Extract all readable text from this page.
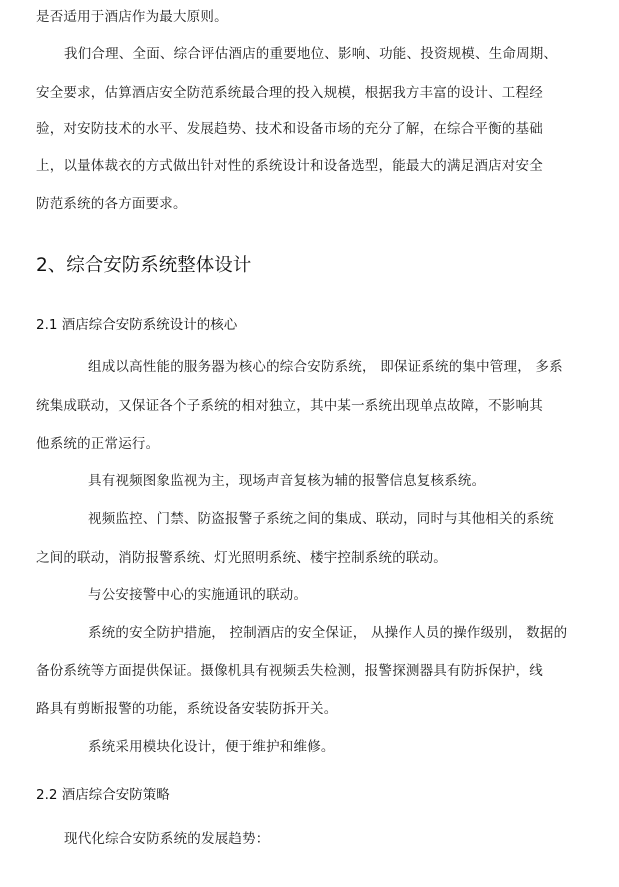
是否适用于酒店作为最大原则。
我们合理、全面、综合评估酒店的重要地位、影响、功能、投资规模、生命周期、
安全要求，估算酒店安全防范系统最合理的投入规模，根据我方丰富的设计、工程经
验，对安防技术的水平、发展趋势、技术和设备市场的充分了解，在综合平衡的基础
上，以量体裁衣的方式做出针对性的系统设计和设备选型，能最大的满足酒店对安全
防范系统的各方面要求。
2、综合安防系统整体设计
2.1 酒店综合安防系统设计的核心
组成以高性能的服务器为核心的综合安防系统， 即保证系统的集中管理， 多系
统集成联动，又保证各个子系统的相对独立，其中某一系统出现单点故障，不影响其
他系统的正常运行。
具有视频图象监视为主，现场声音复核为辅的报警信息复核系统。
视频监控、门禁、防盗报警子系统之间的集成、联动，同时与其他相关的系统
之间的联动，消防报警系统、灯光照明系统、楼宇控制系统的联动。
与公安接警中心的实施通讯的联动。
系统的安全防护措施， 控制酒店的安全保证， 从操作人员的操作级别， 数据的
备份系统等方面提供保证。摄像机具有视频丢失检测，报警探测器具有防拆保护，线
路具有剪断报警的功能，系统设备安装防拆开关。
系统采用模块化设计，便于维护和维修。
2.2 酒店综合安防策略
现代化综合安防系统的发展趋势：
